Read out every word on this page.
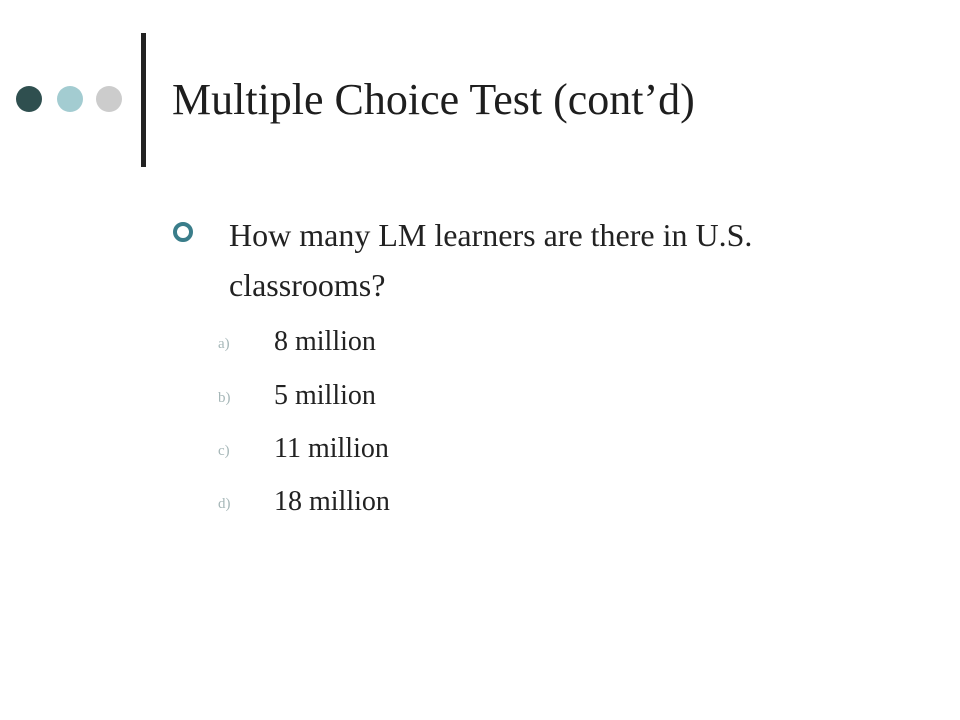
Multiple Choice Test (cont’d)
How many LM learners are there in U.S. classrooms?
a) 8 million
b) 5 million
c) 11 million
d) 18 million
